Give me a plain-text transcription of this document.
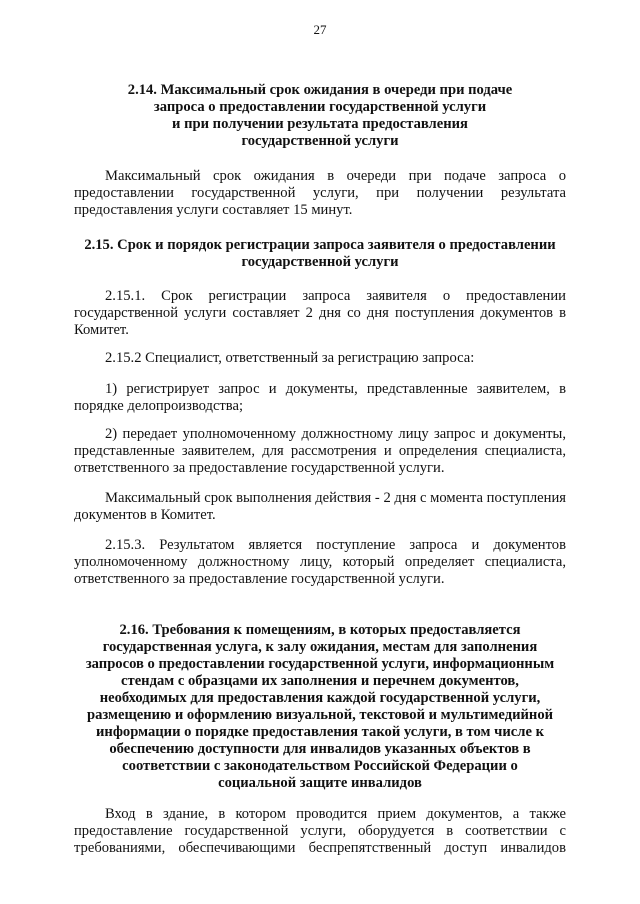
27

2.14. Максимальный срок ожидания в очереди при подаче
запроса о предоставлении государственной услуги
и при получении результата предоставления
государственной услуги

Максимальный срок ожидания в очереди при подаче запроса о предоставлении государственной услуги, при получении результата предоставления услуги составляет 15 минут.

2.15. Срок и порядок регистрации запроса заявителя о предоставлении
государственной услуги

2.15.1. Срок регистрации запроса заявителя о предоставлении государственной услуги составляет 2 дня со дня поступления документов в Комитет.

2.15.2 Специалист, ответственный за регистрацию запроса:

1) регистрирует запрос и документы, представленные заявителем, в порядке делопроизводства;

2) передает уполномоченному должностному лицу запрос и документы, представленные заявителем, для рассмотрения и определения специалиста, ответственного за предоставление государственной услуги.

Максимальный срок выполнения действия - 2 дня с момента поступления документов в Комитет.

2.15.3. Результатом является поступление запроса и документов уполномоченному должностному лицу, который определяет специалиста, ответственного за предоставление государственной услуги.

2.16. Требования к помещениям, в которых предоставляется
государственная услуга, к залу ожидания, местам для заполнения
запросов о предоставлении государственной услуги, информационным
стендам с образцами их заполнения и перечнем документов,
необходимых для предоставления каждой государственной услуги,
размещению и оформлению визуальной, текстовой и мультимедийной
информации о порядке предоставления такой услуги, в том числе к
обеспечению доступности для инвалидов указанных объектов в
соответствии с законодательством Российской Федерации о
социальной защите инвалидов

Вход в здание, в котором проводится прием документов, а также предоставление государственной услуги, оборудуется в соответствии с требованиями, обеспечивающими беспрепятственный доступ инвалидов
